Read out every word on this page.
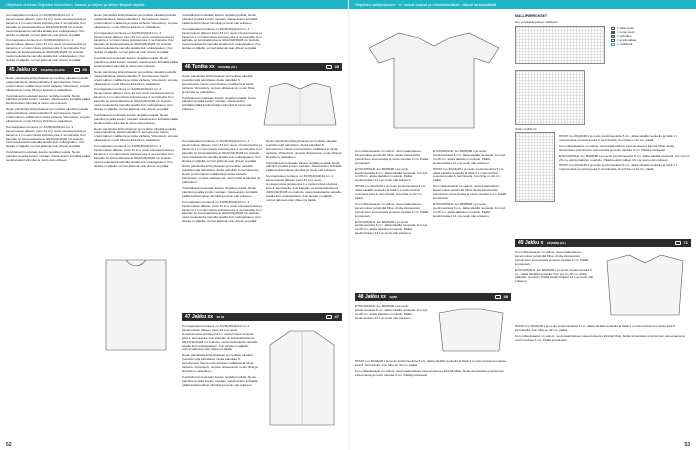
Ohjeiden ohessa Ohjeiden lukeminen, kaavat ja ohjeet ja siihen liittyviä ohjeita

Kun kappaleen korkeus on 32(36)40(42)44 cm, 2 kavennuksen jälkeen (noin 34 cm) neulo sivusaumoissa ja kavenna 1 s molemmissa sivuissa joka 4. kerroksella. Kun kappale on kokonaiskorkeus 40(42)44(46)48 cm kudottu, neulo kaulanauha samalla tavalla kuin etukappaleen. Kun lankaa on jäljellä, ommel jatkuvat osat yhteen ja päätä.

Kun kappaleen korkeus on 32(36)40(42)44 cm, 2 kavennuksen jälkeen (noin 34 cm) neulo sivusaumoissa ja kavenna 1 s molemmissa sivuissa joka 4. kerroksella. Kun kappale on kokonaiskorkeus 40(42)44(46)48 cm kudottu, neulo kaulanauha samalla tavalla kuin etukappaleen. Kun lankaa on jäljellä, ommel jatkuvat osat yhteen ja päätä.

45 Jakku xx XS(S/M)L(XL)XXL	50

Neulo palmikoita kiristyshaavan ja merkitse oikealla puolella neljä palmikkoa. Aloita palmikko 5. kerroksessa. Neulo ensimmäinen mallikerta ja toista vaiheita. Viimeistely: ompele olkasaumat, neulo hihat ja kiinnitä ne paikoilleen.

Vuorittaisesti neulotaan kaulus nurjalla puolella. Neulo palmikot ja jatka kuvion mukaan. Kaula-aukon kohdalla päätä keskimmäiset silmukat ja neulo olat erikseen.

Neulo palmikoita kiristyshaavan ja merkitse oikealla puolella neljä palmikkoa. Aloita palmikko 5. kerroksessa. Neulo ensimmäinen mallikerta ja toista vaiheita. Viimeistely: ompele olkasaumat, neulo hihat ja kiinnitä ne paikoilleen.

Kun kappaleen korkeus on 32(36)40(42)44 cm, 2 kavennuksen jälkeen (noin 34 cm) neulo sivusaumoissa ja kavenna 1 s molemmissa sivuissa joka 4. kerroksella. Kun kappale on kokonaiskorkeus 40(42)44(46)48 cm kudottu, neulo kaulanauha samalla tavalla kuin etukappaleen. Kun lankaa on jäljellä, ommel jatkuvat osat yhteen ja päätä.

Vuorittaisesti neulotaan kaulus nurjalla puolella. Neulo palmikot ja jatka kuvion mukaan. Kaula-aukon kohdalla päätä keskimmäiset silmukat ja neulo olat erikseen.

Neulo palmikoita kiristyshaavan ja merkitse oikealla puolella neljä palmikkoa. Aloita palmikko 5. kerroksessa. Neulo ensimmäinen mallikerta ja toista vaiheita. Viimeistely: ompele olkasaumat, neulo hihat ja kiinnitä ne paikoilleen.

Kun kappaleen korkeus on 32(36)40(42)44 cm, 2 kavennuksen jälkeen (noin 34 cm) neulo sivusaumoissa ja kavenna 1 s molemmissa sivuissa joka 4. kerroksella. Kun kappale on kokonaiskorkeus 40(42)44(46)48 cm kudottu, neulo kaulanauha samalla tavalla kuin etukappaleen. Kun lankaa on jäljellä, ommel jatkuvat osat yhteen ja päätä.

Vuorittaisesti neulotaan kaulus nurjalla puolella. Neulo palmikot ja jatka kuvion mukaan. Kaula-aukon kohdalla päätä keskimmäiset silmukat ja neulo olat erikseen.

Neulo palmikoita kiristyshaavan ja merkitse oikealla puolella neljä palmikkoa. Aloita palmikko 5. kerroksessa. Neulo ensimmäinen mallikerta ja toista vaiheita. Viimeistely: ompele olkasaumat, neulo hihat ja kiinnitä ne paikoilleen.

Kun kappaleen korkeus on 32(36)40(42)44 cm, 2 kavennuksen jälkeen (noin 34 cm) neulo sivusaumoissa ja kavenna 1 s molemmissa sivuissa joka 4. kerroksella. Kun kappale on kokonaiskorkeus 40(42)44(46)48 cm kudottu, neulo kaulanauha samalla tavalla kuin etukappaleen. Kun lankaa on jäljellä, ommel jatkuvat osat yhteen ja päätä.

Vuorittaisesti neulotaan kaulus nurjalla puolella. Neulo palmikot ja jatka kuvion mukaan. Kaula-aukon kohdalla päätä keskimmäiset silmukat ja neulo olat erikseen.

Neulo palmikoita kiristyshaavan ja merkitse oikealla puolella neljä palmikkoa. Aloita palmikko 5. kerroksessa. Neulo ensimmäinen mallikerta ja toista vaiheita. Viimeistely: ompele olkasaumat, neulo hihat ja kiinnitä ne paikoilleen.

Kun kappaleen korkeus on 32(36)40(42)44 cm, 2 kavennuksen jälkeen (noin 34 cm) neulo sivusaumoissa ja kavenna 1 s molemmissa sivuissa joka 4. kerroksella. Kun kappale on kokonaiskorkeus 40(42)44(46)48 cm kudottu, neulo kaulanauha samalla tavalla kuin etukappaleen. Kun lankaa on jäljellä, ommel jatkuvat osat yhteen ja päätä.

Vuorittaisesti neulotaan kaulus nurjalla puolella. Neulo palmikot ja jatka kuvion mukaan. Kaula-aukon kohdalla päätä keskimmäiset silmukat ja neulo olat erikseen.

Kun kappaleen korkeus on 32(36)40(42)44 cm, 2 kavennuksen jälkeen (noin 34 cm) neulo sivusaumoissa ja kavenna 1 s molemmissa sivuissa joka 4. kerroksella. Kun kappale on kokonaiskorkeus 40(42)44(46)48 cm kudottu, neulo kaulanauha samalla tavalla kuin etukappaleen. Kun lankaa on jäljellä, ommel jatkuvat osat yhteen ja päätä.

46 Tunika xx XS(S/M)L(XL)	49

Neulo palmikoita kiristyshaavan ja merkitse oikealla puolella neljä palmikkoa. Aloita palmikko 5. kerroksessa. Neulo ensimmäinen mallikerta ja toista vaiheita. Viimeistely: ompele olkasaumat, neulo hihat ja kiinnitä ne paikoilleen.

Vuorittaisesti neulotaan kaulus nurjalla puolella. Neulo palmikot ja jatka kuvion mukaan. Kaula-aukon kohdalla päätä keskimmäiset silmukat ja neulo olat erikseen.

Kun kappaleen korkeus on 32(36)40(42)44 cm, 2 kavennuksen jälkeen (noin 34 cm) neulo sivusaumoissa ja kavenna 1 s molemmissa sivuissa joka 4. kerroksella. Kun kappale on kokonaiskorkeus 40(42)44(46)48 cm kudottu, neulo kaulanauha samalla tavalla kuin etukappaleen. Kun lankaa on jäljellä, ommel jatkuvat osat yhteen ja päätä.

Neulo palmikoita kiristyshaavan ja merkitse oikealla puolella neljä palmikkoa. Aloita palmikko 5. kerroksessa. Neulo ensimmäinen mallikerta ja toista vaiheita. Viimeistely: ompele olkasaumat, neulo hihat ja kiinnitä ne paikoilleen.

Vuorittaisesti neulotaan kaulus nurjalla puolella. Neulo palmikot ja jatka kuvion mukaan. Kaula-aukon kohdalla päätä keskimmäiset silmukat ja neulo olat erikseen.

Kun kappaleen korkeus on 32(36)40(42)44 cm, 2 kavennuksen jälkeen (noin 34 cm) neulo sivusaumoissa ja kavenna 1 s molemmissa sivuissa joka 4. kerroksella. Kun kappale on kokonaiskorkeus 40(42)44(46)48 cm kudottu, neulo kaulanauha samalla tavalla kuin etukappaleen. Kun lankaa on jäljellä, ommel jatkuvat osat yhteen ja päätä.

Neulo palmikoita kiristyshaavan ja merkitse oikealla puolella neljä palmikkoa. Aloita palmikko 5. kerroksessa. Neulo ensimmäinen mallikerta ja toista vaiheita. Viimeistely: ompele olkasaumat, neulo hihat ja kiinnitä ne paikoilleen.

Vuorittaisesti neulotaan kaulus nurjalla puolella. Neulo palmikot ja jatka kuvion mukaan. Kaula-aukon kohdalla päätä keskimmäiset silmukat ja neulo olat erikseen.

Kun kappaleen korkeus on 32(36)40(42)44 cm, 2 kavennuksen jälkeen (noin 34 cm) neulo sivusaumoissa ja kavenna 1 s molemmissa sivuissa joka 4. kerroksella. Kun kappale on kokonaiskorkeus 40(42)44(46)48 cm kudottu, neulo kaulanauha samalla tavalla kuin etukappaleen. Kun lankaa on jäljellä, ommel jatkuvat osat yhteen ja päätä.

47 Jakku xx 36-44	47

Kun kappaleen korkeus on 32(36)40(42)44 cm, 2 kavennuksen jälkeen (noin 34 cm) neulo sivusaumoissa ja kavenna 1 s molemmissa sivuissa joka 4. kerroksella. Kun kappale on kokonaiskorkeus 40(42)44(46)48 cm kudottu, neulo kaulanauha samalla tavalla kuin etukappaleen. Kun lankaa on jäljellä, ommel jatkuvat osat yhteen ja päätä.

Neulo palmikoita kiristyshaavan ja merkitse oikealla puolella neljä palmikkoa. Aloita palmikko 5. kerroksessa. Neulo ensimmäinen mallikerta ja toista vaiheita. Viimeistely: ompele olkasaumat, neulo hihat ja kiinnitä ne paikoilleen.

Vuorittaisesti neulotaan kaulus nurjalla puolella. Neulo palmikot ja jatka kuvion mukaan. Kaula-aukon kohdalla päätä keskimmäiset silmukat ja neulo olat erikseen.

52
Ohjeiden selityksineen · n · tarkat kaavat ja erikoistekniikat · oikeat lankamäärät

Kun mittauskaavio on valmis, neulo kaarrokkeen kavennukset ja kiinnitä hihat. Aloita silmukoiden poimiminen etureunasta ja neulo nauhaa 3 cm. Päätä joustavasti.

ETUKAPPALE: luo 80(88)96 s ja neulo joustinneuletta 6 cm. Jatka sileällä neuleella. Kun työ on 28 cm, aloita pääntien muotoilu. Päätä keskimmäiset 14 s ja neulo olat erikseen.

HIHAT: luo 40(44)48 s ja neulo joustinneuletta 5 cm. Jatka sileällä neuleella ja lisää 1 s molemmissa reunoissa joka 6. kerroksella. Kun hiha on 42 cm, päätä.

Kun mittauskaavio on valmis, neulo kaarrokkeen kavennukset ja kiinnitä hihat. Aloita silmukoiden poimiminen etureunasta ja neulo nauhaa 3 cm. Päätä joustavasti.

ETUKAPPALE: luo 80(88)96 s ja neulo joustinneuletta 6 cm. Jatka sileällä neuleella. Kun työ on 28 cm, aloita pääntien muotoilu. Päätä keskimmäiset 14 s ja neulo olat erikseen.

ETUKAPPALE: luo 80(88)96 s ja neulo joustinneuletta 6 cm. Jatka sileällä neuleella. Kun työ on 28 cm, aloita pääntien muotoilu. Päätä keskimmäiset 14 s ja neulo olat erikseen.

HIHAT: luo 40(44)48 s ja neulo joustinneuletta 5 cm. Jatka sileällä neuleella ja lisää 1 s molemmissa reunoissa joka 6. kerroksella. Kun hiha on 42 cm, päätä.

Kun mittauskaavio on valmis, neulo kaarrokkeen kavennukset ja kiinnitä hihat. Aloita silmukoiden poimiminen etureunasta ja neulo nauhaa 3 cm. Päätä joustavasti.

ETUKAPPALE: luo 80(88)96 s ja neulo joustinneuletta 6 cm. Jatka sileällä neuleella. Kun työ on 28 cm, aloita pääntien muotoilu. Päätä keskimmäiset 14 s ja neulo olat erikseen.

48 Jakku xx S(M)L	48

ETUKAPPALE: luo 80(88)96 s ja neulo joustinneuletta 6 cm. Jatka sileällä neuleella. Kun työ on 28 cm, aloita pääntien muotoilu. Päätä keskimmäiset 14 s ja neulo olat erikseen.

HIHAT: luo 40(44)48 s ja neulo joustinneuletta 5 cm. Jatka sileällä neuleella ja lisää 1 s molemmissa reunoissa joka 6. kerroksella. Kun hiha on 42 cm, päätä.

Kun mittauskaavio on valmis, neulo kaarrokkeen kavennukset ja kiinnitä hihat. Aloita silmukoiden poimiminen etureunasta ja neulo nauhaa 3 cm. Päätä joustavasti.

MALLIPIIRROKSET
Etu- ja takakappaleen mallikerta
Hihan mallikerta
= sileä neule
= nurja neule
= palmikko
= ei silmukkaa
= mallikerta

HIHAT: luo 40(44)48 s ja neulo joustinneuletta 5 cm. Jatka sileällä neuleella ja lisää 1 s molemmissa reunoissa joka 6. kerroksella. Kun hiha on 42 cm, päätä.

Kun mittauskaavio on valmis, neulo kaarrokkeen kavennukset ja kiinnitä hihat. Aloita silmukoiden poimiminen etureunasta ja neulo nauhaa 3 cm. Päätä joustavasti.

ETUKAPPALE: luo 80(88)96 s ja neulo joustinneuletta 6 cm. Jatka sileällä neuleella. Kun työ on 28 cm, aloita pääntien muotoilu. Päätä keskimmäiset 14 s ja neulo olat erikseen.

HIHAT: luo 40(44)48 s ja neulo joustinneuletta 5 cm. Jatka sileällä neuleella ja lisää 1 s molemmissa reunoissa joka 6. kerroksella. Kun hiha on 42 cm, päätä.

49 Jakku x XS(S/M)L(XL)	71

Kun mittauskaavio on valmis, neulo kaarrokkeen kavennukset ja kiinnitä hihat. Aloita silmukoiden poimiminen etureunasta ja neulo nauhaa 3 cm. Päätä joustavasti.

ETUKAPPALE: luo 80(88)96 s ja neulo joustinneuletta 6 cm. Jatka sileällä neuleella. Kun työ on 28 cm, aloita pääntien muotoilu. Päätä keskimmäiset 14 s ja neulo olat erikseen.

HIHAT: luo 40(44)48 s ja neulo joustinneuletta 5 cm. Jatka sileällä neuleella ja lisää 1 s molemmissa reunoissa joka 6. kerroksella. Kun hiha on 42 cm, päätä.

Kun mittauskaavio on valmis, neulo kaarrokkeen kavennukset ja kiinnitä hihat. Aloita silmukoiden poimiminen etureunasta ja neulo nauhaa 3 cm. Päätä joustavasti.

53
